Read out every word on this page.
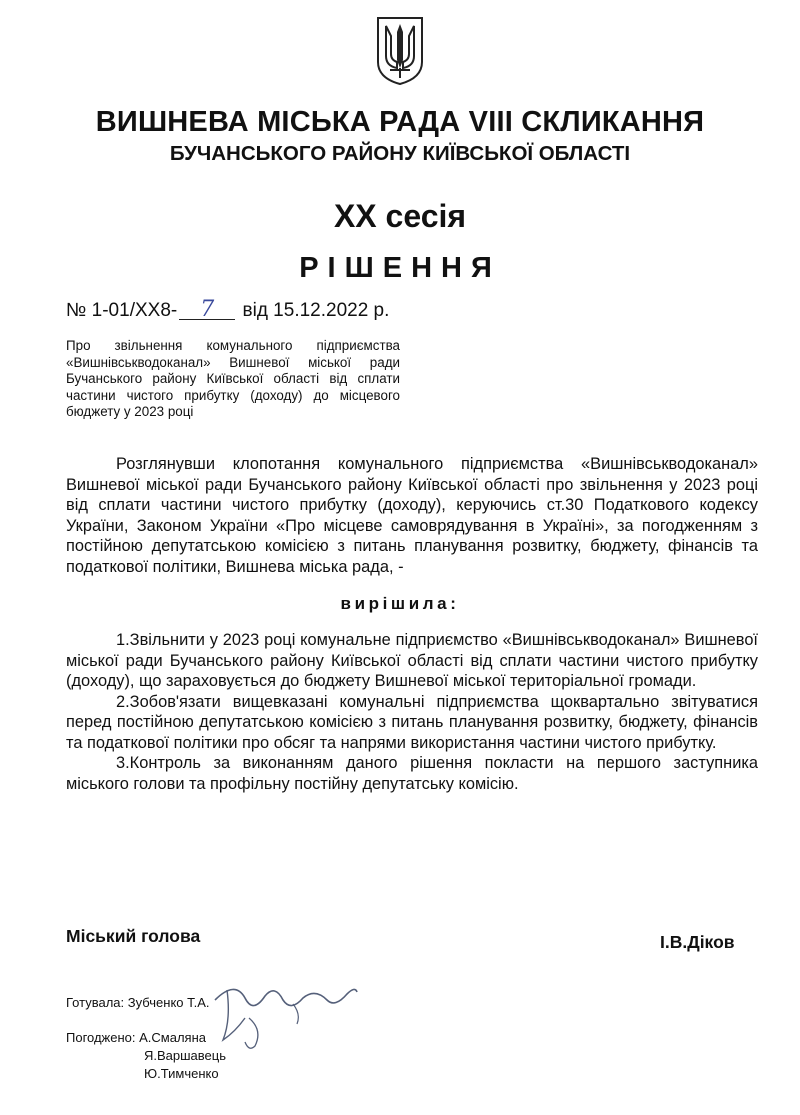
ВИШНЕВА МІСЬКА РАДА VIII СКЛИКАННЯ
БУЧАНСЬКОГО РАЙОНУ КИЇВСЬКОЇ ОБЛАСТІ
XX сесія
РІШЕННЯ
№ 1-01/XX8- 7 від 15.12.2022 р.
Про звільнення комунального підприємства «Вишнівськводоканал» Вишневої міської ради Бучанського району Київської області від сплати частини чистого прибутку (доходу) до місцевого бюджету у 2023 році

Розглянувши клопотання комунального підприємства «Вишнівськводоканал» Вишневої міської ради Бучанського району Київської області про звільнення у 2023 році від сплати частини чистого прибутку (доходу), керуючись ст.30 Податкового кодексу України, Законом України «Про місцеве самоврядування в Україні», за погодженням з постійною депутатською комісією з питань планування розвитку, бюджету, фінансів та податкової політики, Вишнева міська рада, -

вирішила:

1.Звільнити у 2023 році комунальне підприємство «Вишнівськводоканал» Вишневої міської ради Бучанського району Київської області від сплати частини чистого прибутку (доходу), що зараховується до бюджету Вишневої міської територіальної громади.

2.Зобов'язати вищевказані комунальні підприємства щоквартально звітуватися перед постійною депутатською комісією з питань планування розвитку, бюджету, фінансів та податкової політики про обсяг та напрями використання частини чистого прибутку.

3.Контроль за виконанням даного рішення покласти на першого заступника міського голови та профільну постійну депутатську комісію.

Міський голова	І.В.Діков
Готувала: Зубченко Т.А.
Погоджено: А.Смаляна
Я.Варшавець
Ю.Тимченко
